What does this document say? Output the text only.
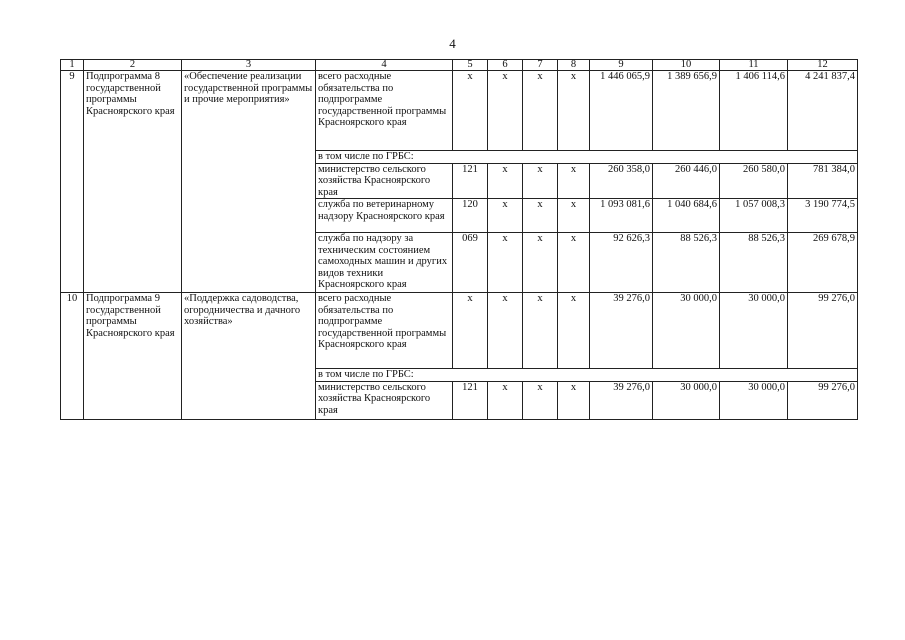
4
1	2	3	4	5	6	7	8	9	10	11	12
9	Подпрограмма 8 государственной программы Красноярского края	«Обеспечение реализации государственной программы и прочие мероприятия»	всего расходные обязательства по подпрограмме государственной программы Красноярского края	x	x	x	x	1 446 065,9	1 389 656,9	1 406 114,6	4 241 837,4
			в том числе по ГРБС:								
			министерство сельского хозяйства Красноярского края	121	x	x	x	260 358,0	260 446,0	260 580,0	781 384,0
			служба по ветеринарному надзору Красноярского края	120	x	x	x	1 093 081,6	1 040 684,6	1 057 008,3	3 190 774,5
			служба по надзору за техническим состоянием самоходных машин и других видов техники Красноярского края	069	x	x	x	92 626,3	88 526,3	88 526,3	269 678,9
10	Подпрограмма 9 государственной программы Красноярского края	«Поддержка садоводства, огородничества и дачного хозяйства»	всего расходные обязательства по подпрограмме государственной программы Красноярского края	x	x	x	x	39 276,0	30 000,0	30 000,0	99 276,0
			в том числе по ГРБС:								
			министерство сельского хозяйства Красноярского края	121	x	x	x	39 276,0	30 000,0	30 000,0	99 276,0
